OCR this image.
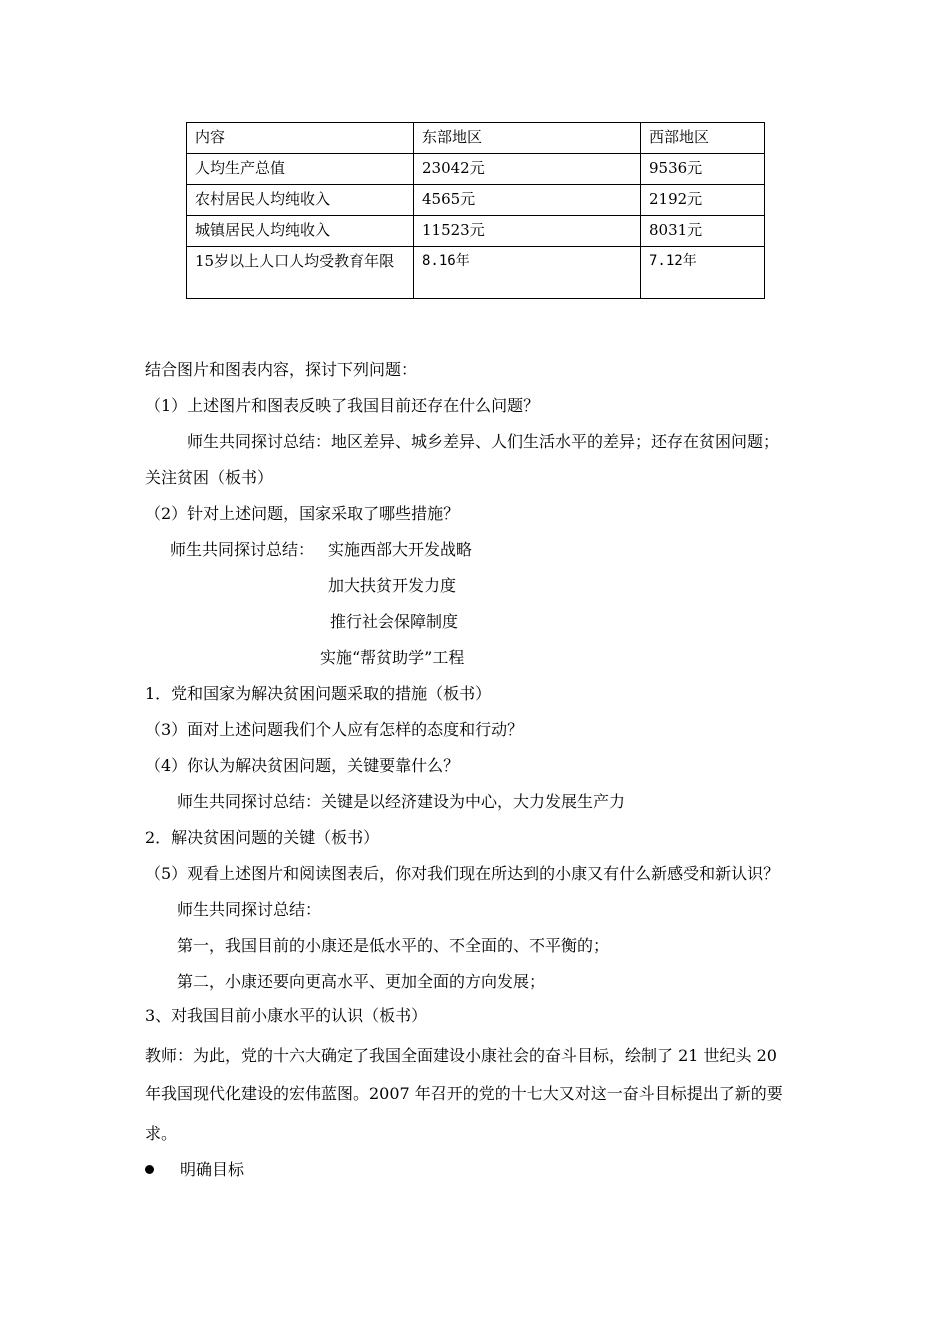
内容	东部地区	西部地区
人均生产总值	23042元	9536元
农村居民人均纯收入	4565元	2192元
城镇居民人均纯收入	11523元	8031元
15岁以上人口人均受教育年限	8.16年	7.12年
结合图片和图表内容，探讨下列问题：
（1）上述图片和图表反映了我国目前还存在什么问题？
师生共同探讨总结：地区差异、城乡差异、人们生活水平的差异；还存在贫困问题；
关注贫困（板书）
（2）针对上述问题，国家采取了哪些措施？
师生共同探讨总结： 实施西部大开发战略
加大扶贫开发力度
推行社会保障制度
实施“帮贫助学”工程
1．党和国家为解决贫困问题采取的措施（板书）
（3）面对上述问题我们个人应有怎样的态度和行动？
（4）你认为解决贫困问题，关键要靠什么？
师生共同探讨总结：关键是以经济建设为中心，大力发展生产力
2．解决贫困问题的关键（板书）
（5）观看上述图片和阅读图表后，你对我们现在所达到的小康又有什么新感受和新认识？
师生共同探讨总结：
第一，我国目前的小康还是低水平的、不全面的、不平衡的；
第二，小康还要向更高水平、更加全面的方向发展；
3、对我国目前小康水平的认识（板书）
教师：为此，党的十六大确定了我国全面建设小康社会的奋斗目标，绘制了 21 世纪头 20
年我国现代化建设的宏伟蓝图。2007 年召开的党的十七大又对这一奋斗目标提出了新的要
求。
明确目标
